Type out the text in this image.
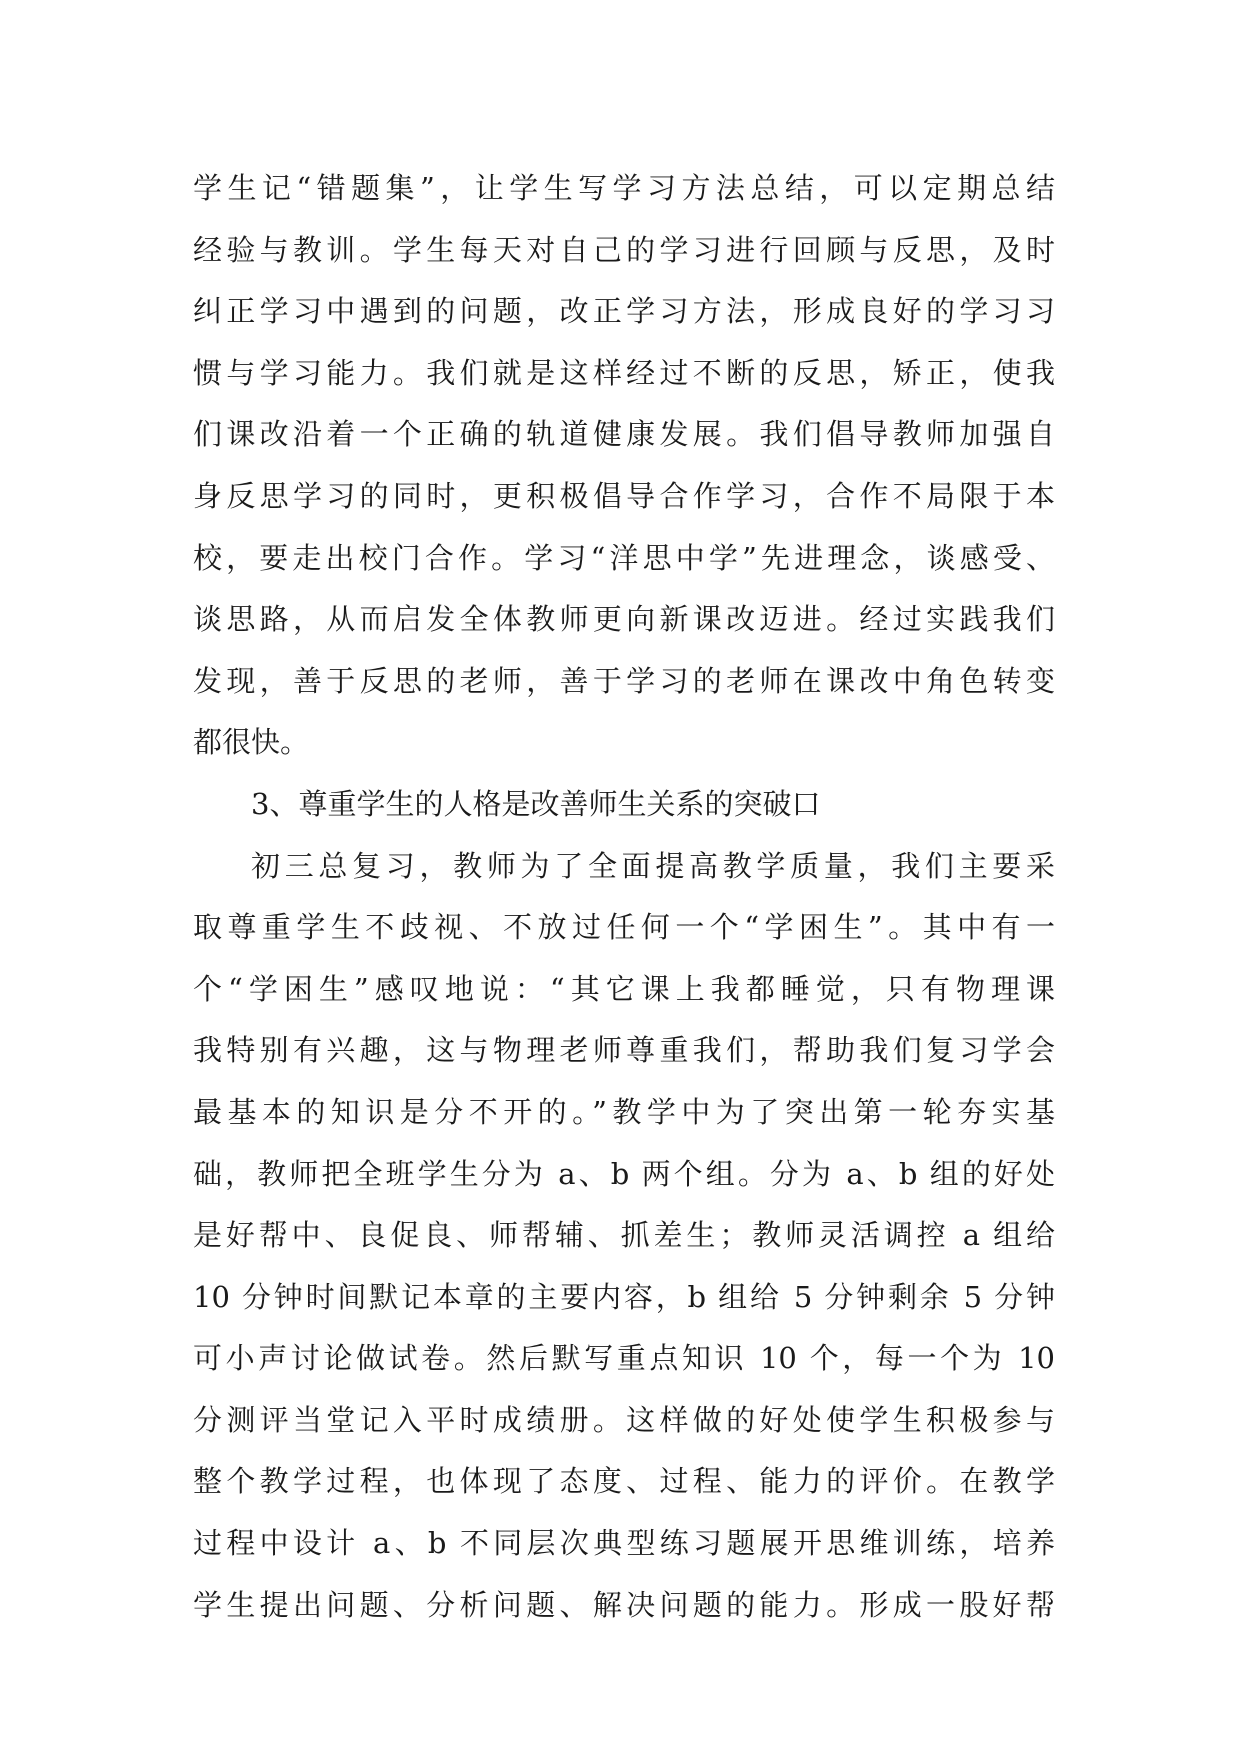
学生记“错题集”，让学生写学习方法总结，可以定期总结
经验与教训。学生每天对自己的学习进行回顾与反思，及时
纠正学习中遇到的问题，改正学习方法，形成良好的学习习
惯与学习能力。我们就是这样经过不断的反思，矫正，使我
们课改沿着一个正确的轨道健康发展。我们倡导教师加强自
身反思学习的同时，更积极倡导合作学习，合作不局限于本
校，要走出校门合作。学习“洋思中学”先进理念，谈感受、
谈思路，从而启发全体教师更向新课改迈进。经过实践我们
发现，善于反思的老师，善于学习的老师在课改中角色转变
都很快。
3、尊重学生的人格是改善师生关系的突破口
初三总复习，教师为了全面提高教学质量，我们主要采
取尊重学生不歧视、不放过任何一个“学困生”。其中有一
个“学困生”感叹地说：“其它课上我都睡觉，只有物理课
我特别有兴趣，这与物理老师尊重我们，帮助我们复习学会
最基本的知识是分不开的。”教学中为了突出第一轮夯实基
础，教师把全班学生分为 a、b 两个组。分为 a、b 组的好处
是好帮中、良促良、师帮辅、抓差生；教师灵活调控 a 组给
10 分钟时间默记本章的主要内容，b 组给 5 分钟剩余 5 分钟
可小声讨论做试卷。然后默写重点知识 10 个，每一个为 10
分测评当堂记入平时成绩册。这样做的好处使学生积极参与
整个教学过程，也体现了态度、过程、能力的评价。在教学
过程中设计 a、b 不同层次典型练习题展开思维训练，培养
学生提出问题、分析问题、解决问题的能力。形成一股好帮
